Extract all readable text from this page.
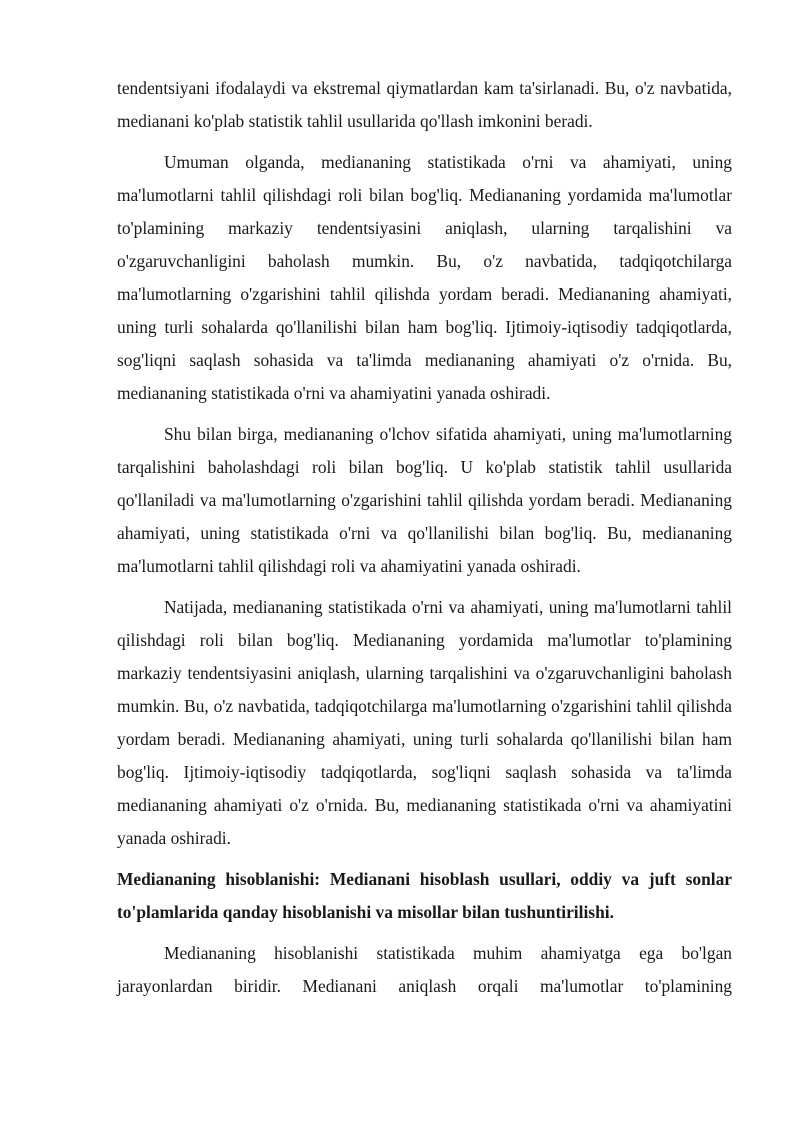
tendentsiyani ifodalaydi va ekstremal qiymatlardan kam ta'sirlanadi. Bu, o'z navbatida, medianani ko'plab statistik tahlil usullarida qo'llash imkonini beradi.

Umuman olganda, mediananing statistikada o'rni va ahamiyati, uning ma'lumotlarni tahlil qilishdagi roli bilan bog'liq. Mediananing yordamida ma'lumotlar to'plamining markaziy tendentsiyasini aniqlash, ularning tarqalishini va o'zgaruvchanligini baholash mumkin. Bu, o'z navbatida, tadqiqotchilarga ma'lumotlarning o'zgarishini tahlil qilishda yordam beradi. Mediananing ahamiyati, uning turli sohalarda qo'llanilishi bilan ham bog'liq. Ijtimoiy-iqtisodiy tadqiqotlarda, sog'liqni saqlash sohasida va ta'limda mediananing ahamiyati o'z o'rnida. Bu, mediananing statistikada o'rni va ahamiyatini yanada oshiradi.

Shu bilan birga, mediananing o'lchov sifatida ahamiyati, uning ma'lumotlarning tarqalishini baholashdagi roli bilan bog'liq. U ko'plab statistik tahlil usullarida qo'llaniladi va ma'lumotlarning o'zgarishini tahlil qilishda yordam beradi. Mediananing ahamiyati, uning statistikada o'rni va qo'llanilishi bilan bog'liq. Bu, mediananing ma'lumotlarni tahlil qilishdagi roli va ahamiyatini yanada oshiradi.

Natijada, mediananing statistikada o'rni va ahamiyati, uning ma'lumotlarni tahlil qilishdagi roli bilan bog'liq. Mediananing yordamida ma'lumotlar to'plamining markaziy tendentsiyasini aniqlash, ularning tarqalishini va o'zgaruvchanligini baholash mumkin. Bu, o'z navbatida, tadqiqotchilarga ma'lumotlarning o'zgarishini tahlil qilishda yordam beradi. Mediananing ahamiyati, uning turli sohalarda qo'llanilishi bilan ham bog'liq. Ijtimoiy-iqtisodiy tadqiqotlarda, sog'liqni saqlash sohasida va ta'limda mediananing ahamiyati o'z o'rnida. Bu, mediananing statistikada o'rni va ahamiyatini yanada oshiradi.

Mediananing hisoblanishi: Medianani hisoblash usullari, oddiy va juft sonlar to'plamlarida qanday hisoblanishi va misollar bilan tushuntirilishi.

Mediananing hisoblanishi statistikada muhim ahamiyatga ega bo'lgan jarayonlardan biridir. Medianani aniqlash orqali ma'lumotlar to'plamining
